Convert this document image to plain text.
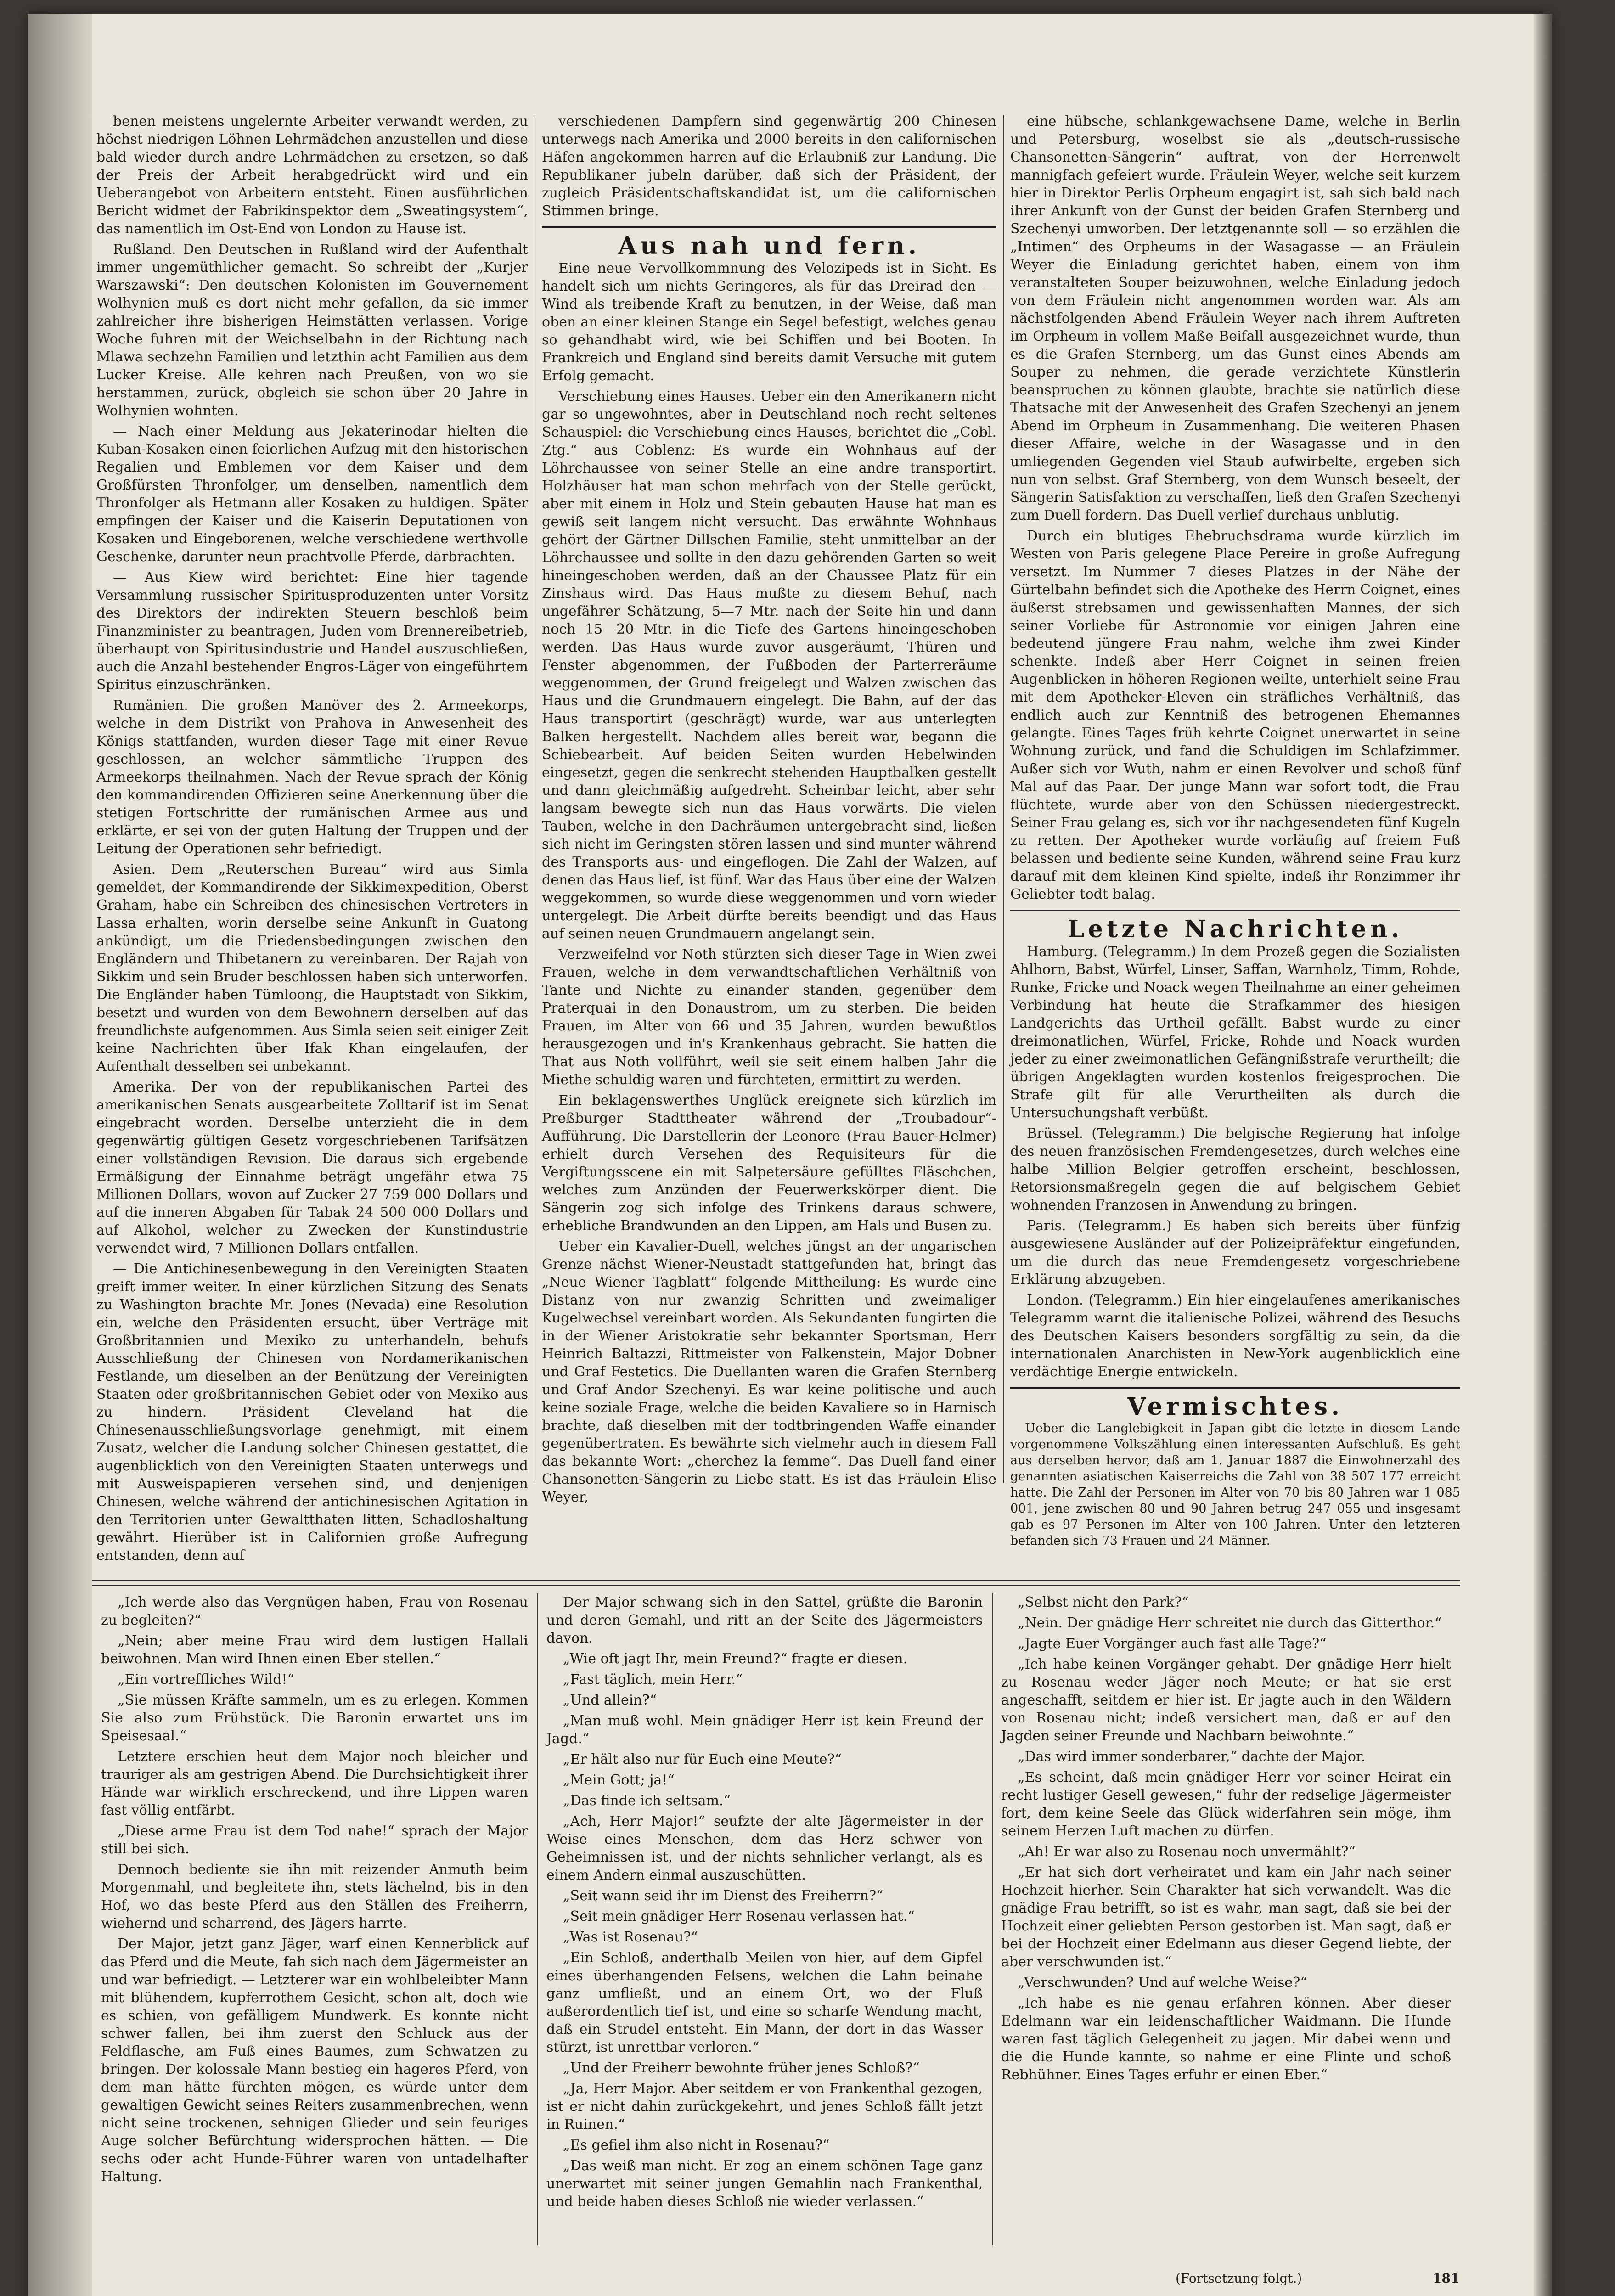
benen meistens ungelernte Arbeiter verwandt werden, zu höchst niedrigen Löhnen Lehrmädchen anzustellen und diese bald wieder durch andre Lehrmädchen zu ersetzen, so daß der Preis der Arbeit herabgedrückt wird und ein Ueberangebot von Arbeitern entsteht. Einen ausführlichen Bericht widmet der Fabrikinspektor dem „Sweatingsystem“, das namentlich im Ost-End von London zu Hause ist.

Rußland. Den Deutschen in Rußland wird der Aufenthalt immer ungemüthlicher gemacht. So schreibt der „Kurjer Warszawski“: Den deutschen Kolonisten im Gouvernement Wolhynien muß es dort nicht mehr gefallen, da sie immer zahlreicher ihre bisherigen Heimstätten verlassen. Vorige Woche fuhren mit der Weichselbahn in der Richtung nach Mlawa sechzehn Familien und letzthin acht Familien aus dem Lucker Kreise. Alle kehren nach Preußen, von wo sie herstammen, zurück, obgleich sie schon über 20 Jahre in Wolhynien wohnten.

— Nach einer Meldung aus Jekaterinodar hielten die Kuban-Kosaken einen feierlichen Aufzug mit den historischen Regalien und Emblemen vor dem Kaiser und dem Großfürsten Thronfolger, um denselben, namentlich dem Thronfolger als Hetmann aller Kosaken zu huldigen. Später empfingen der Kaiser und die Kaiserin Deputationen von Kosaken und Eingeborenen, welche verschiedene werthvolle Geschenke, darunter neun prachtvolle Pferde, darbrachten.

— Aus Kiew wird berichtet: Eine hier tagende Versammlung russischer Spiritusproduzenten unter Vorsitz des Direktors der indirekten Steuern beschloß beim Finanzminister zu beantragen, Juden vom Brennereibetrieb, überhaupt von Spiritusindustrie und Handel auszuschließen, auch die Anzahl bestehender Engros-Läger von eingeführtem Spiritus einzuschränken.

Rumänien. Die großen Manöver des 2. Armeekorps, welche in dem Distrikt von Prahova in Anwesenheit des Königs stattfanden, wurden dieser Tage mit einer Revue geschlossen, an welcher sämmtliche Truppen des Armeekorps theilnahmen. Nach der Revue sprach der König den kommandirenden Offizieren seine Anerkennung über die stetigen Fortschritte der rumänischen Armee aus und erklärte, er sei von der guten Haltung der Truppen und der Leitung der Operationen sehr befriedigt.

Asien. Dem „Reuterschen Bureau“ wird aus Simla gemeldet, der Kommandirende der Sikkimexpedition, Oberst Graham, habe ein Schreiben des chinesischen Vertreters in Lassa erhalten, worin derselbe seine Ankunft in Guatong ankündigt, um die Friedensbedingungen zwischen den Engländern und Thibetanern zu vereinbaren. Der Rajah von Sikkim und sein Bruder beschlossen haben sich unterworfen. Die Engländer haben Tümloong, die Hauptstadt von Sikkim, besetzt und wurden von dem Bewohnern derselben auf das freundlichste aufgenommen. Aus Simla seien seit einiger Zeit keine Nachrichten über Ifak Khan eingelaufen, der Aufenthalt desselben sei unbekannt.

Amerika. Der von der republikanischen Partei des amerikanischen Senats ausgearbeitete Zolltarif ist im Senat eingebracht worden. Derselbe unterzieht die in dem gegenwärtig gültigen Gesetz vorgeschriebenen Tarifsätzen einer vollständigen Revision. Die daraus sich ergebende Ermäßigung der Einnahme beträgt ungefähr etwa 75 Millionen Dollars, wovon auf Zucker 27 759 000 Dollars und auf die inneren Abgaben für Tabak 24 500 000 Dollars und auf Alkohol, welcher zu Zwecken der Kunstindustrie verwendet wird, 7 Millionen Dollars entfallen.

— Die Antichinesenbewegung in den Vereinigten Staaten greift immer weiter. In einer kürzlichen Sitzung des Senats zu Washington brachte Mr. Jones (Nevada) eine Resolution ein, welche den Präsidenten ersucht, über Verträge mit Großbritannien und Mexiko zu unterhandeln, behufs Ausschließung der Chinesen von Nordamerikanischen Festlande, um dieselben an der Benützung der Vereinigten Staaten oder großbritannischen Gebiet oder von Mexiko aus zu hindern. Präsident Cleveland hat die Chinesenausschließungsvorlage genehmigt, mit einem Zusatz, welcher die Landung solcher Chinesen gestattet, die augenblicklich von den Vereinigten Staaten unterwegs und mit Ausweispapieren versehen sind, und denjenigen Chinesen, welche während der antichinesischen Agitation in den Territorien unter Gewaltthaten litten, Schadloshaltung gewährt. Hierüber ist in Californien große Aufregung entstanden, denn auf

verschiedenen Dampfern sind gegenwärtig 200 Chinesen unterwegs nach Amerika und 2000 bereits in den californischen Häfen angekommen harren auf die Erlaubniß zur Landung. Die Republikaner jubeln darüber, daß sich der Präsident, der zugleich Präsidentschaftskandidat ist, um die californischen Stimmen bringe.

Aus nah und fern.

Eine neue Vervollkommnung des Velozipeds ist in Sicht. Es handelt sich um nichts Geringeres, als für das Dreirad den — Wind als treibende Kraft zu benutzen, in der Weise, daß man oben an einer kleinen Stange ein Segel befestigt, welches genau so gehandhabt wird, wie bei Schiffen und bei Booten. In Frankreich und England sind bereits damit Versuche mit gutem Erfolg gemacht.

Verschiebung eines Hauses. Ueber ein den Amerikanern nicht gar so ungewohntes, aber in Deutschland noch recht seltenes Schauspiel: die Verschiebung eines Hauses, berichtet die „Cobl. Ztg.“ aus Coblenz: Es wurde ein Wohnhaus auf der Löhrchaussee von seiner Stelle an eine andre transportirt. Holzhäuser hat man schon mehrfach von der Stelle gerückt, aber mit einem in Holz und Stein gebauten Hause hat man es gewiß seit langem nicht versucht. Das erwähnte Wohnhaus gehört der Gärtner Dillschen Familie, steht unmittelbar an der Löhrchaussee und sollte in den dazu gehörenden Garten so weit hineingeschoben werden, daß an der Chaussee Platz für ein Zinshaus wird. Das Haus mußte zu diesem Behuf, nach ungefährer Schätzung, 5—7 Mtr. nach der Seite hin und dann noch 15—20 Mtr. in die Tiefe des Gartens hineingeschoben werden. Das Haus wurde zuvor ausgeräumt, Thüren und Fenster abgenommen, der Fußboden der Parterreräume weggenommen, der Grund freigelegt und Walzen zwischen das Haus und die Grundmauern eingelegt. Die Bahn, auf der das Haus transportirt (geschrägt) wurde, war aus unterlegten Balken hergestellt. Nachdem alles bereit war, begann die Schiebearbeit. Auf beiden Seiten wurden Hebelwinden eingesetzt, gegen die senkrecht stehenden Hauptbalken gestellt und dann gleichmäßig aufgedreht. Scheinbar leicht, aber sehr langsam bewegte sich nun das Haus vorwärts. Die vielen Tauben, welche in den Dachräumen untergebracht sind, ließen sich nicht im Geringsten stören lassen und sind munter während des Transports aus- und eingeflogen. Die Zahl der Walzen, auf denen das Haus lief, ist fünf. War das Haus über eine der Walzen weggekommen, so wurde diese weggenommen und vorn wieder untergelegt. Die Arbeit dürfte bereits beendigt und das Haus auf seinen neuen Grundmauern angelangt sein.

Verzweifelnd vor Noth stürzten sich dieser Tage in Wien zwei Frauen, welche in dem verwandtschaftlichen Verhältniß von Tante und Nichte zu einander standen, gegenüber dem Praterquai in den Donaustrom, um zu sterben. Die beiden Frauen, im Alter von 66 und 35 Jahren, wurden bewußtlos herausgezogen und in's Krankenhaus gebracht. Sie hatten die That aus Noth vollführt, weil sie seit einem halben Jahr die Miethe schuldig waren und fürchteten, ermittirt zu werden.

Ein beklagenswerthes Unglück ereignete sich kürzlich im Preßburger Stadttheater während der „Troubadour“-Aufführung. Die Darstellerin der Leonore (Frau Bauer-Helmer) erhielt durch Versehen des Requisiteurs für die Vergiftungsscene ein mit Salpetersäure gefülltes Fläschchen, welches zum Anzünden der Feuerwerkskörper dient. Die Sängerin zog sich infolge des Trinkens daraus schwere, erhebliche Brandwunden an den Lippen, am Hals und Busen zu.

Ueber ein Kavalier-Duell, welches jüngst an der ungarischen Grenze nächst Wiener-Neustadt stattgefunden hat, bringt das „Neue Wiener Tagblatt“ folgende Mittheilung: Es wurde eine Distanz von nur zwanzig Schritten und zweimaliger Kugelwechsel vereinbart worden. Als Sekundanten fungirten die in der Wiener Aristokratie sehr bekannter Sportsman, Herr Heinrich Baltazzi, Rittmeister von Falkenstein, Major Dobner und Graf Festetics. Die Duellanten waren die Grafen Sternberg und Graf Andor Szechenyi. Es war keine politische und auch keine soziale Frage, welche die beiden Kavaliere so in Harnisch brachte, daß dieselben mit der todtbringenden Waffe einander gegenübertraten. Es bewährte sich vielmehr auch in diesem Fall das bekannte Wort: „cherchez la femme“. Das Duell fand einer Chansonetten-Sängerin zu Liebe statt. Es ist das Fräulein Elise Weyer,

eine hübsche, schlankgewachsene Dame, welche in Berlin und Petersburg, woselbst sie als „deutsch-russische Chansonetten-Sängerin“ auftrat, von der Herrenwelt mannigfach gefeiert wurde. Fräulein Weyer, welche seit kurzem hier in Direktor Perlis Orpheum engagirt ist, sah sich bald nach ihrer Ankunft von der Gunst der beiden Grafen Sternberg und Szechenyi umworben. Der letztgenannte soll — so erzählen die „Intimen“ des Orpheums in der Wasagasse — an Fräulein Weyer die Einladung gerichtet haben, einem von ihm veranstalteten Souper beizuwohnen, welche Einladung jedoch von dem Fräulein nicht angenommen worden war. Als am nächstfolgenden Abend Fräulein Weyer nach ihrem Auftreten im Orpheum in vollem Maße Beifall ausgezeichnet wurde, thun es die Grafen Sternberg, um das Gunst eines Abends am Souper zu nehmen, die gerade verzichtete Künstlerin beanspruchen zu können glaubte, brachte sie natürlich diese Thatsache mit der Anwesenheit des Grafen Szechenyi an jenem Abend im Orpheum in Zusammenhang. Die weiteren Phasen dieser Affaire, welche in der Wasagasse und in den umliegenden Gegenden viel Staub aufwirbelte, ergeben sich nun von selbst. Graf Sternberg, von dem Wunsch beseelt, der Sängerin Satisfaktion zu verschaffen, ließ den Grafen Szechenyi zum Duell fordern. Das Duell verlief durchaus unblutig.

Durch ein blutiges Ehebruchsdrama wurde kürzlich im Westen von Paris gelegene Place Pereire in große Aufregung versetzt. Im Nummer 7 dieses Platzes in der Nähe der Gürtelbahn befindet sich die Apotheke des Herrn Coignet, eines äußerst strebsamen und gewissenhaften Mannes, der sich seiner Vorliebe für Astronomie vor einigen Jahren eine bedeutend jüngere Frau nahm, welche ihm zwei Kinder schenkte. Indeß aber Herr Coignet in seinen freien Augenblicken in höheren Regionen weilte, unterhielt seine Frau mit dem Apotheker-Eleven ein sträfliches Verhältniß, das endlich auch zur Kenntniß des betrogenen Ehemannes gelangte. Eines Tages früh kehrte Coignet unerwartet in seine Wohnung zurück, und fand die Schuldigen im Schlafzimmer. Außer sich vor Wuth, nahm er einen Revolver und schoß fünf Mal auf das Paar. Der junge Mann war sofort todt, die Frau flüchtete, wurde aber von den Schüssen niedergestreckt. Seiner Frau gelang es, sich vor ihr nachgesendeten fünf Kugeln zu retten. Der Apotheker wurde vorläufig auf freiem Fuß belassen und bediente seine Kunden, während seine Frau kurz darauf mit dem kleinen Kind spielte, indeß ihr Ronzimmer ihr Geliebter todt balag.

Letzte Nachrichten.

Hamburg. (Telegramm.) In dem Prozeß gegen die Sozialisten Ahlhorn, Babst, Würfel, Linser, Saffan, Warnholz, Timm, Rohde, Runke, Fricke und Noack wegen Theilnahme an einer geheimen Verbindung hat heute die Strafkammer des hiesigen Landgerichts das Urtheil gefällt. Babst wurde zu einer dreimonatlichen, Würfel, Fricke, Rohde und Noack wurden jeder zu einer zweimonatlichen Gefängnißstrafe verurtheilt; die übrigen Angeklagten wurden kostenlos freigesprochen. Die Strafe gilt für alle Verurtheilten als durch die Untersuchungshaft verbüßt.

Brüssel. (Telegramm.) Die belgische Regierung hat infolge des neuen französischen Fremdengesetzes, durch welches eine halbe Million Belgier getroffen erscheint, beschlossen, Retorsionsmaßregeln gegen die auf belgischem Gebiet wohnenden Franzosen in Anwendung zu bringen.

Paris. (Telegramm.) Es haben sich bereits über fünfzig ausgewiesene Ausländer auf der Polizeipräfektur eingefunden, um die durch das neue Fremdengesetz vorgeschriebene Erklärung abzugeben.

London. (Telegramm.) Ein hier eingelaufenes amerikanisches Telegramm warnt die italienische Polizei, während des Besuchs des Deutschen Kaisers besonders sorgfältig zu sein, da die internationalen Anarchisten in New-York augenblicklich eine verdächtige Energie entwickeln.

Vermischtes.

Ueber die Langlebigkeit in Japan gibt die letzte in diesem Lande vorgenommene Volkszählung einen interessanten Aufschluß. Es geht aus derselben hervor, daß am 1. Januar 1887 die Einwohnerzahl des genannten asiatischen Kaiserreichs die Zahl von 38 507 177 erreicht hatte. Die Zahl der Personen im Alter von 70 bis 80 Jahren war 1 085 001, jene zwischen 80 und 90 Jahren betrug 247 055 und insgesamt gab es 97 Personen im Alter von 100 Jahren. Unter den letzteren befanden sich 73 Frauen und 24 Männer.

„Ich werde also das Vergnügen haben, Frau von Rosenau zu begleiten?“

„Nein; aber meine Frau wird dem lustigen Hallali beiwohnen. Man wird Ihnen einen Eber stellen.“

„Ein vortreffliches Wild!“

„Sie müssen Kräfte sammeln, um es zu erlegen. Kommen Sie also zum Frühstück. Die Baronin erwartet uns im Speisesaal.“

Letztere erschien heut dem Major noch bleicher und trauriger als am gestrigen Abend. Die Durchsichtigkeit ihrer Hände war wirklich erschreckend, und ihre Lippen waren fast völlig entfärbt.

„Diese arme Frau ist dem Tod nahe!“ sprach der Major still bei sich.

Dennoch bediente sie ihn mit reizender Anmuth beim Morgenmahl, und begleitete ihn, stets lächelnd, bis in den Hof, wo das beste Pferd aus den Ställen des Freiherrn, wiehernd und scharrend, des Jägers harrte.

Der Major, jetzt ganz Jäger, warf einen Kennerblick auf das Pferd und die Meute, fah sich nach dem Jägermeister an und war befriedigt. — Letzterer war ein wohlbeleibter Mann mit blühendem, kupferrothem Gesicht, schon alt, doch wie es schien, von gefälligem Mundwerk. Es konnte nicht schwer fallen, bei ihm zuerst den Schluck aus der Feldflasche, am Fuß eines Baumes, zum Schwatzen zu bringen. Der kolossale Mann bestieg ein hageres Pferd, von dem man hätte fürchten mögen, es würde unter dem gewaltigen Gewicht seines Reiters zusammenbrechen, wenn nicht seine trockenen, sehnigen Glieder und sein feuriges Auge solcher Befürchtung widersprochen hätten. — Die sechs oder acht Hunde-Führer waren von untadelhafter Haltung.

Der Major schwang sich in den Sattel, grüßte die Baronin und deren Gemahl, und ritt an der Seite des Jägermeisters davon.

„Wie oft jagt Ihr, mein Freund?“ fragte er diesen.

„Fast täglich, mein Herr.“

„Und allein?“

„Man muß wohl. Mein gnädiger Herr ist kein Freund der Jagd.“

„Er hält also nur für Euch eine Meute?“

„Mein Gott; ja!“

„Das finde ich seltsam.“

„Ach, Herr Major!“ seufzte der alte Jägermeister in der Weise eines Menschen, dem das Herz schwer von Geheimnissen ist, und der nichts sehnlicher verlangt, als es einem Andern einmal auszuschütten.

„Seit wann seid ihr im Dienst des Freiherrn?“

„Seit mein gnädiger Herr Rosenau verlassen hat.“

„Was ist Rosenau?“

„Ein Schloß, anderthalb Meilen von hier, auf dem Gipfel eines überhangenden Felsens, welchen die Lahn beinahe ganz umfließt, und an einem Ort, wo der Fluß außerordentlich tief ist, und eine so scharfe Wendung macht, daß ein Strudel entsteht. Ein Mann, der dort in das Wasser stürzt, ist unrettbar verloren.“

„Und der Freiherr bewohnte früher jenes Schloß?“

„Ja, Herr Major. Aber seitdem er von Frankenthal gezogen, ist er nicht dahin zurückgekehrt, und jenes Schloß fällt jetzt in Ruinen.“

„Es gefiel ihm also nicht in Rosenau?“

„Das weiß man nicht. Er zog an einem schönen Tage ganz unerwartet mit seiner jungen Gemahlin nach Frankenthal, und beide haben dieses Schloß nie wieder verlassen.“

„Selbst nicht den Park?“

„Nein. Der gnädige Herr schreitet nie durch das Gitterthor.“

„Jagte Euer Vorgänger auch fast alle Tage?“

„Ich habe keinen Vorgänger gehabt. Der gnädige Herr hielt zu Rosenau weder Jäger noch Meute; er hat sie erst angeschafft, seitdem er hier ist. Er jagte auch in den Wäldern von Rosenau nicht; indeß versichert man, daß er auf den Jagden seiner Freunde und Nachbarn beiwohnte.“

„Das wird immer sonderbarer,“ dachte der Major.

„Es scheint, daß mein gnädiger Herr vor seiner Heirat ein recht lustiger Gesell gewesen,“ fuhr der redselige Jägermeister fort, dem keine Seele das Glück widerfahren sein möge, ihm seinem Herzen Luft machen zu dürfen.

„Ah! Er war also zu Rosenau noch unvermählt?“

„Er hat sich dort verheiratet und kam ein Jahr nach seiner Hochzeit hierher. Sein Charakter hat sich verwandelt. Was die gnädige Frau betrifft, so ist es wahr, man sagt, daß sie bei der Hochzeit einer geliebten Person gestorben ist. Man sagt, daß er bei der Hochzeit einer Edelmann aus dieser Gegend liebte, der aber verschwunden ist.“

„Verschwunden? Und auf welche Weise?“

„Ich habe es nie genau erfahren können. Aber dieser Edelmann war ein leidenschaftlicher Waidmann. Die Hunde waren fast täglich Gelegenheit zu jagen. Mir dabei wenn und die die Hunde kannte, so nahme er eine Flinte und schoß Rebhühner. Eines Tages erfuhr er einen Eber.“

(Fortsetzung folgt.)	181
